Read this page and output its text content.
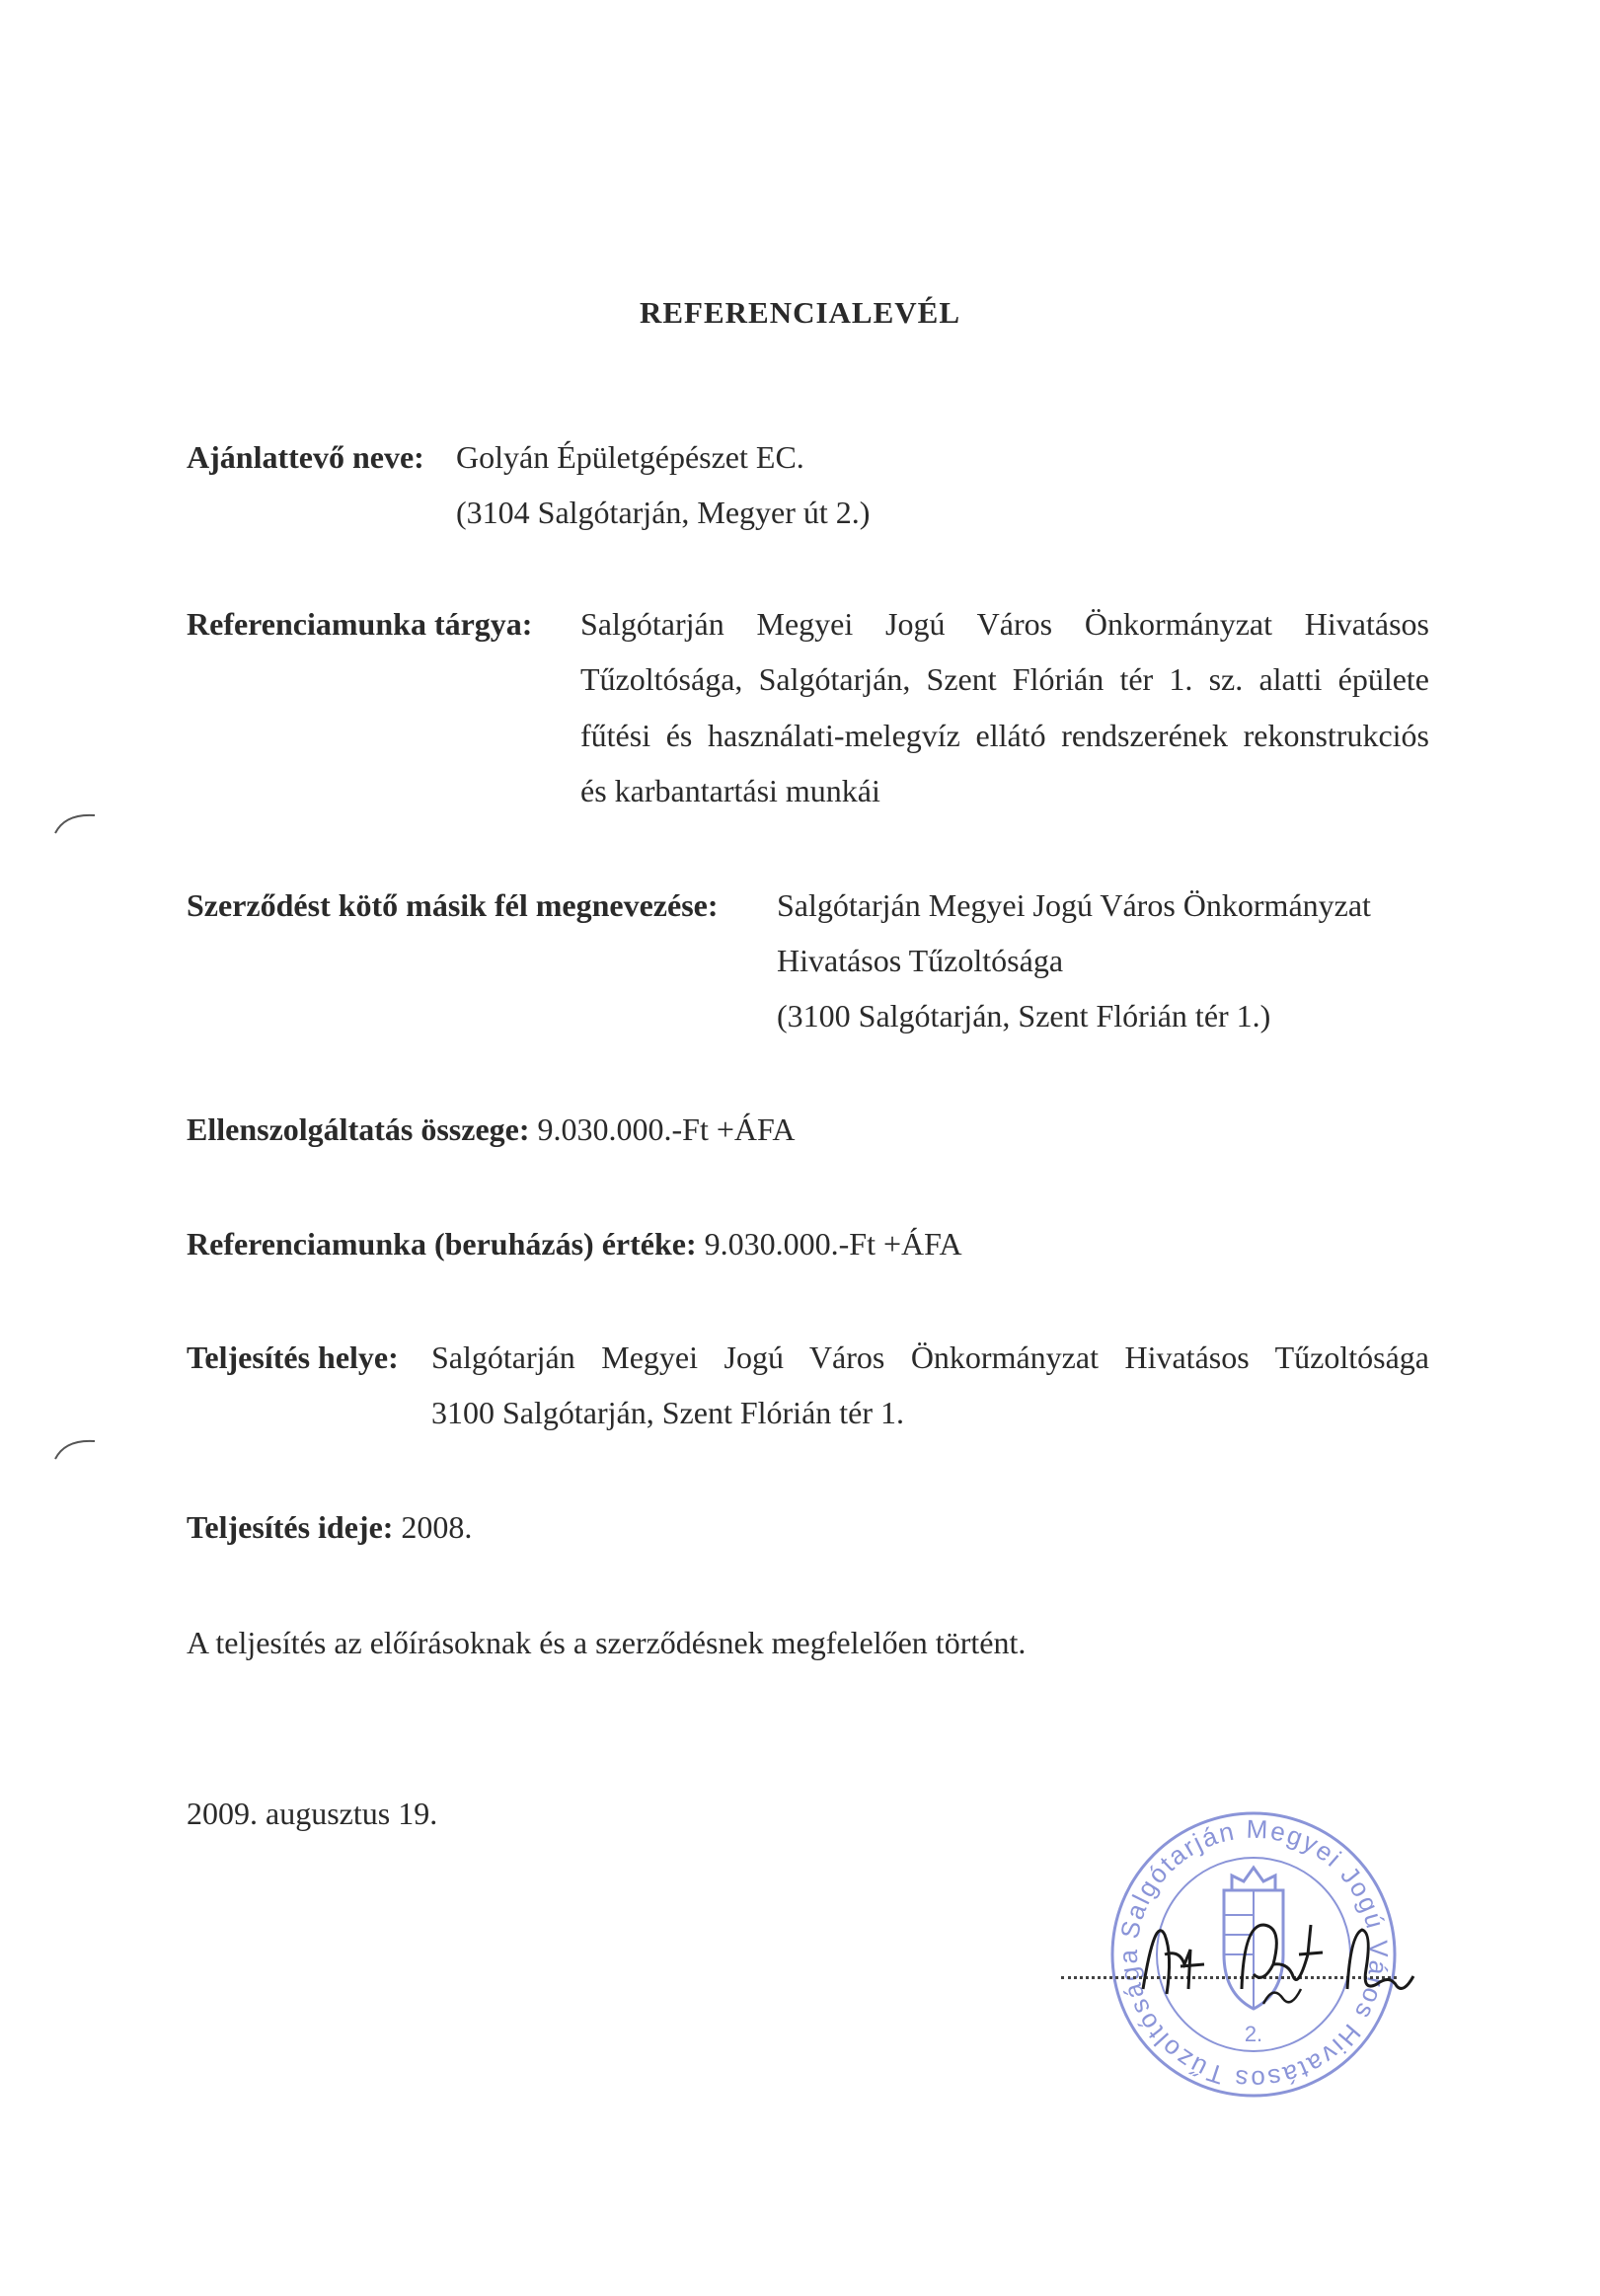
REFERENCIALEVÉL
Ajánlattevő neve: Golyán Épületgépészet EC.
(3104 Salgótarján, Megyer út 2.)
Referenciamunka tárgya: Salgótarján Megyei Jogú Város Önkormányzat Hivatásos
Tűzoltósága, Salgótarján, Szent Flórián tér 1. sz. alatti épülete
fűtési és használati-melegvíz ellátó rendszerének rekonstrukciós
és karbantartási munkái
Szerződést kötő másik fél megnevezése: Salgótarján Megyei Jogú Város Önkormányzat
Hivatásos Tűzoltósága
(3100 Salgótarján, Szent Flórián tér 1.)
Ellenszolgáltatás összege: 9.030.000.-Ft +ÁFA
Referenciamunka (beruházás) értéke: 9.030.000.-Ft +ÁFA
Teljesítés helye: Salgótarján Megyei Jogú Város Önkormányzat Hivatásos Tűzoltósága
3100 Salgótarján, Szent Flórián tér 1.
Teljesítés ideje: 2008.
A teljesítés az előírásoknak és a szerződésnek megfelelően történt.
2009. augusztus 19.
Salgótarján Megyei Jogú Város Hivatásos Tűzoltósága
2.
